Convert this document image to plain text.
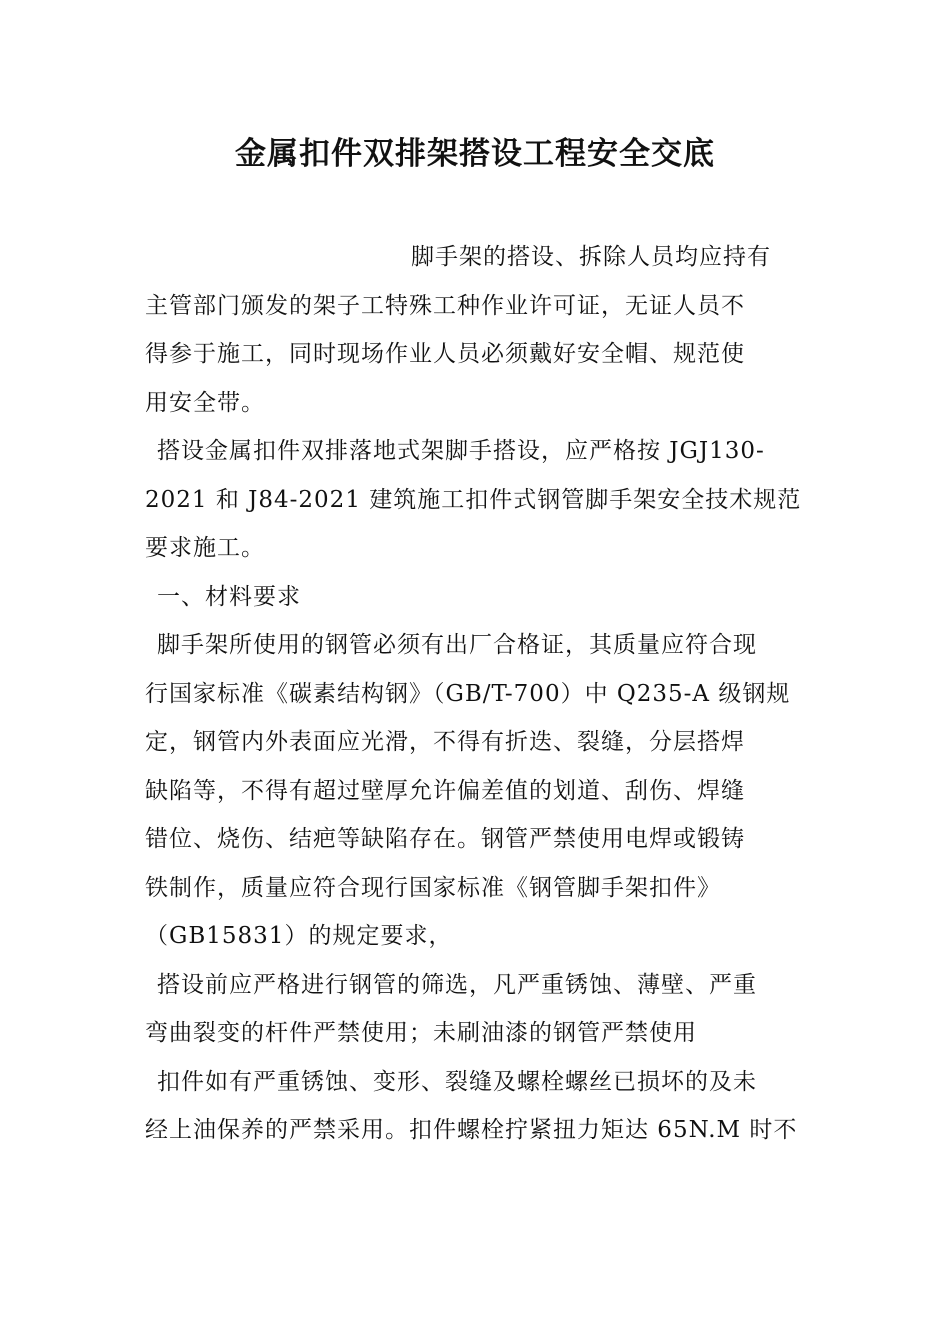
金属扣件双排架搭设工程安全交底
脚手架的搭设、拆除人员均应持有
主管部门颁发的架子工特殊工种作业许可证，无证人员不
得参于施工，同时现场作业人员必须戴好安全帽、规范使
用安全带。
搭设金属扣件双排落地式架脚手搭设，应严格按 JGJ130-
2021 和 J84-2021 建筑施工扣件式钢管脚手架安全技术规范
要求施工。
一、材料要求
脚手架所使用的钢管必须有出厂合格证，其质量应符合现
行国家标准《碳素结构钢》（GB/T-700）中 Q235-A 级钢规
定，钢管内外表面应光滑，不得有折迭、裂缝，分层搭焊
缺陷等，不得有超过壁厚允许偏差值的划道、刮伤、焊缝
错位、烧伤、结疤等缺陷存在。钢管严禁使用电焊或锻铸
铁制作，质量应符合现行国家标准《钢管脚手架扣件》
（GB15831）的规定要求，
搭设前应严格进行钢管的筛选，凡严重锈蚀、薄壁、严重
弯曲裂变的杆件严禁使用；未刷油漆的钢管严禁使用
扣件如有严重锈蚀、变形、裂缝及螺栓螺丝已损坏的及未
经上油保养的严禁采用。扣件螺栓拧紧扭力矩达 65N.M 时不
